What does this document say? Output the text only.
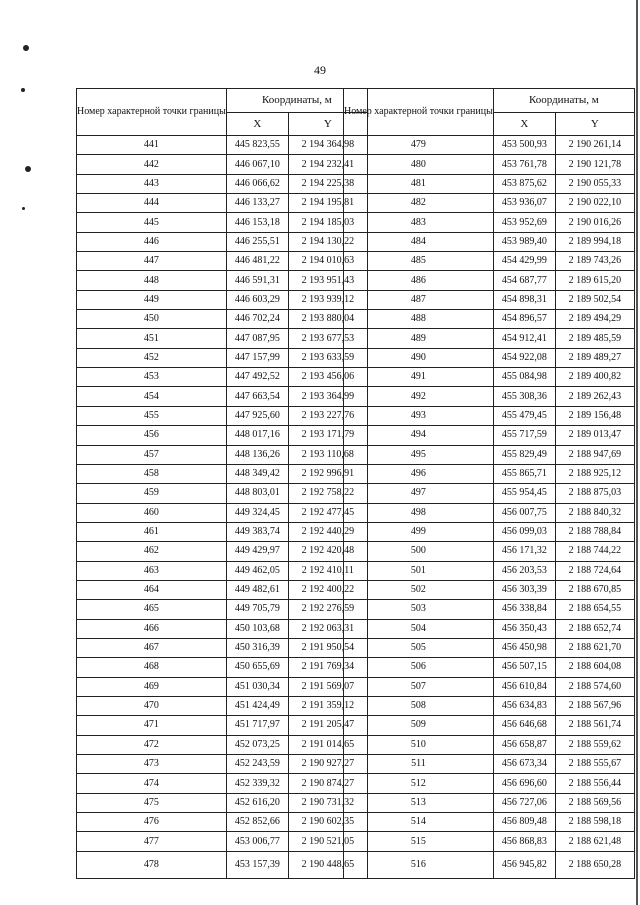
49
Номер характерной точки границы	Координаты, м	
	X	Y
441	445 823,55	2 194 364,98
442	446 067,10	2 194 232,41
443	446 066,62	2 194 225,38
444	446 133,27	2 194 195,81
445	446 153,18	2 194 185,03
446	446 255,51	2 194 130,22
447	446 481,22	2 194 010,63
448	446 591,31	2 193 951,43
449	446 603,29	2 193 939,12
450	446 702,24	2 193 880,04
451	447 087,95	2 193 677,53
452	447 157,99	2 193 633,59
453	447 492,52	2 193 456,06
454	447 663,54	2 193 364,99
455	447 925,60	2 193 227,76
456	448 017,16	2 193 171,79
457	448 136,26	2 193 110,68
458	448 349,42	2 192 996,91
459	448 803,01	2 192 758,22
460	449 324,45	2 192 477,45
461	449 383,74	2 192 440,29
462	449 429,97	2 192 420,48
463	449 462,05	2 192 410,11
464	449 482,61	2 192 400,22
465	449 705,79	2 192 276,59
466	450 103,68	2 192 063,31
467	450 316,39	2 191 950,54
468	450 655,69	2 191 769,34
469	451 030,34	2 191 569,07
470	451 424,49	2 191 359,12
471	451 717,97	2 191 205,47
472	452 073,25	2 191 014,65
473	452 243,59	2 190 927,27
474	452 339,32	2 190 874,27
475	452 616,20	2 190 731,32
476	452 852,66	2 190 602,35
477	453 006,77	2 190 521,05
478	453 157,39	2 190 448,65
Номер характерной точки границы	Координаты, м	
	X	Y
479	453 500,93	2 190 261,14
480	453 761,78	2 190 121,78
481	453 875,62	2 190 055,33
482	453 936,07	2 190 022,10
483	453 952,69	2 190 016,26
484	453 989,40	2 189 994,18
485	454 429,99	2 189 743,26
486	454 687,77	2 189 615,20
487	454 898,31	2 189 502,54
488	454 896,57	2 189 494,29
489	454 912,41	2 189 485,59
490	454 922,08	2 189 489,27
491	455 084,98	2 189 400,82
492	455 308,36	2 189 262,43
493	455 479,45	2 189 156,48
494	455 717,59	2 189 013,47
495	455 829,49	2 188 947,69
496	455 865,71	2 188 925,12
497	455 954,45	2 188 875,03
498	456 007,75	2 188 840,32
499	456 099,03	2 188 788,84
500	456 171,32	2 188 744,22
501	456 203,53	2 188 724,64
502	456 303,39	2 188 670,85
503	456 338,84	2 188 654,55
504	456 350,43	2 188 652,74
505	456 450,98	2 188 621,70
506	456 507,15	2 188 604,08
507	456 610,84	2 188 574,60
508	456 634,83	2 188 567,96
509	456 646,68	2 188 561,74
510	456 658,87	2 188 559,62
511	456 673,34	2 188 555,67
512	456 696,60	2 188 556,44
513	456 727,06	2 188 569,56
514	456 809,48	2 188 598,18
515	456 868,83	2 188 621,48
516	456 945,82	2 188 650,28
